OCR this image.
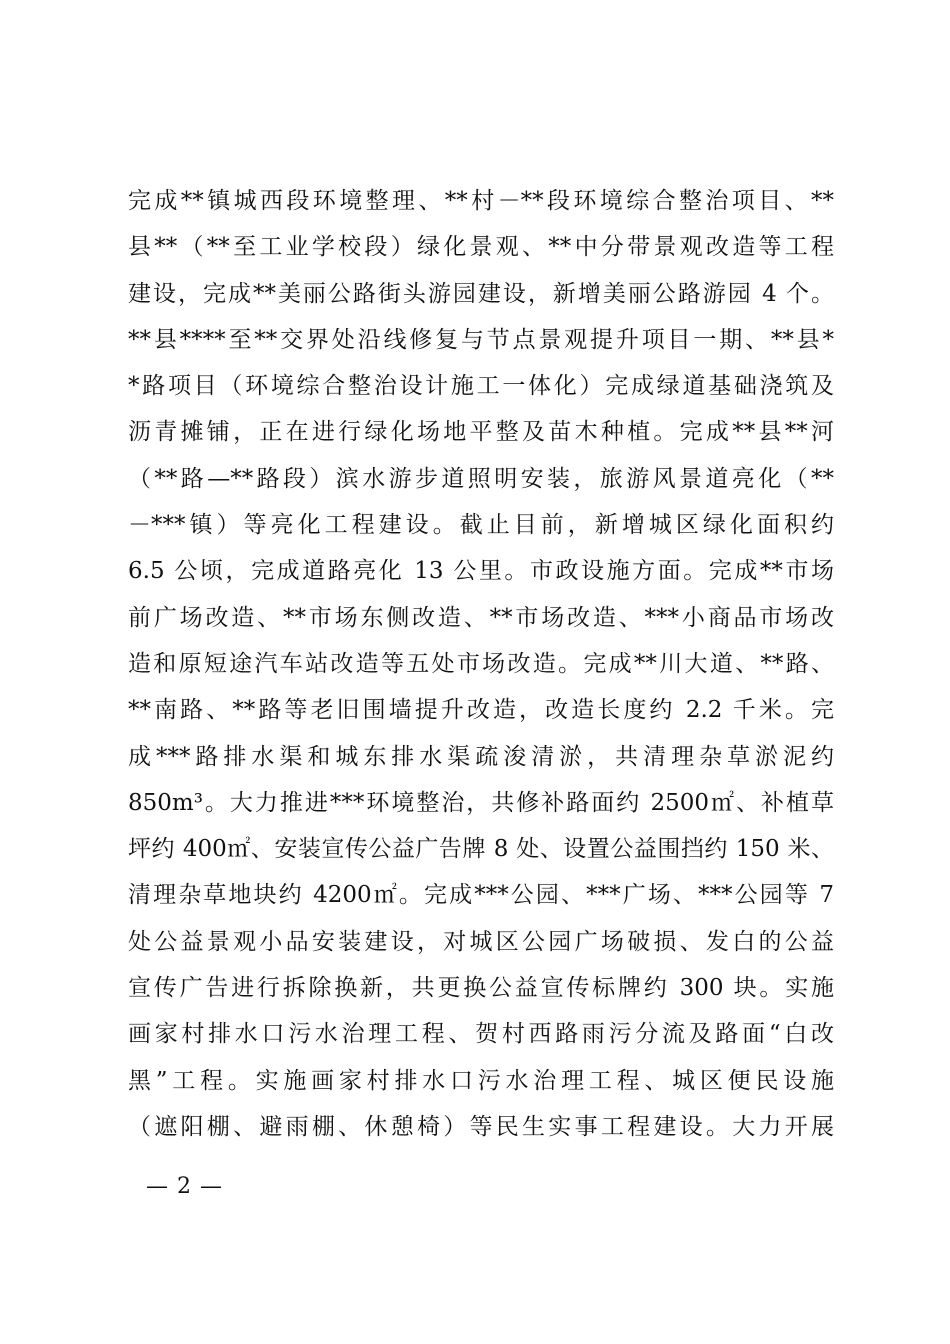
完成**镇城西段环境整理、**村－**段环境综合整治项目、**
县**（**至工业学校段）绿化景观、**中分带景观改造等工程
建设，完成**美丽公路街头游园建设，新增美丽公路游园 4 个。
**县****至**交界处沿线修复与节点景观提升项目一期、**县*
*路项目（环境综合整治设计施工一体化）完成绿道基础浇筑及
沥青摊铺，正在进行绿化场地平整及苗木种植。完成**县**河
（**路—**路段）滨水游步道照明安装，旅游风景道亮化（**
－***镇）等亮化工程建设。截止目前，新增城区绿化面积约
6.5 公顷，完成道路亮化 13 公里。市政设施方面。完成**市场
前广场改造、**市场东侧改造、**市场改造、***小商品市场改
造和原短途汽车站改造等五处市场改造。完成**川大道、**路、
**南路、**路等老旧围墙提升改造，改造长度约 2.2 千米。完
成***路排水渠和城东排水渠疏浚清淤，共清理杂草淤泥约
850m³。大力推进***环境整治，共修补路面约 2500㎡、补植草
坪约 400㎡、安装宣传公益广告牌 8 处、设置公益围挡约 150 米、
清理杂草地块约 4200㎡。完成***公园、***广场、***公园等 7
处公益景观小品安装建设，对城区公园广场破损、发白的公益
宣传广告进行拆除换新，共更换公益宣传标牌约 300 块。实施
画家村排水口污水治理工程、贺村西路雨污分流及路面“白改
黑”工程。实施画家村排水口污水治理工程、城区便民设施
（遮阳棚、避雨棚、休憩椅）等民生实事工程建设。大力开展
— 2 —
